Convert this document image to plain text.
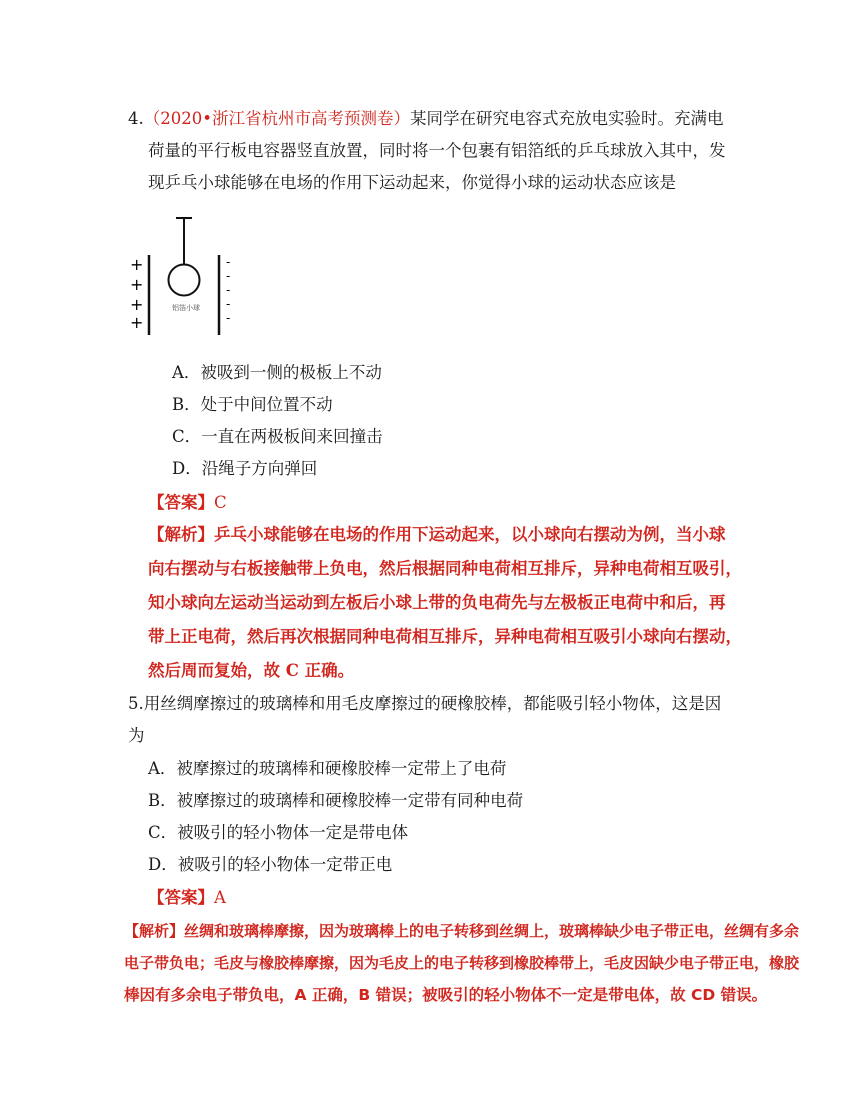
4.（2020•浙江省杭州市高考预测卷）某同学在研究电容式充放电实验时。充满电
荷量的平行板电容器竖直放置，同时将一个包裹有铝箔纸的乒乓球放入其中，发
现乒乓小球能够在电场的作用下运动起来，你觉得小球的运动状态应该是
+
+
+
+
铝箔小球
-
-
-
-
-
A．被吸到一侧的极板上不动
B．处于中间位置不动
C．一直在两极板间来回撞击
D．沿绳子方向弹回
【答案】C
【解析】乒乓小球能够在电场的作用下运动起来，以小球向右摆动为例，当小球
向右摆动与右板接触带上负电，然后根据同种电荷相互排斥，异种电荷相互吸引，
知小球向左运动当运动到左板后小球上带的负电荷先与左极板正电荷中和后，再
带上正电荷，然后再次根据同种电荷相互排斥，异种电荷相互吸引小球向右摆动，
然后周而复始，故 C 正确。
5.用丝绸摩擦过的玻璃棒和用毛皮摩擦过的硬橡胶棒，都能吸引轻小物体，这是因
为
A．被摩擦过的玻璃棒和硬橡胶棒一定带上了电荷
B．被摩擦过的玻璃棒和硬橡胶棒一定带有同种电荷
C．被吸引的轻小物体一定是带电体
D．被吸引的轻小物体一定带正电
【答案】A
【解析】丝绸和玻璃棒摩擦，因为玻璃棒上的电子转移到丝绸上，玻璃棒缺少电子带正电，丝绸有多余
电子带负电；毛皮与橡胶棒摩擦，因为毛皮上的电子转移到橡胶棒带上，毛皮因缺少电子带正电，橡胶
棒因有多余电子带负电，A 正确，B 错误；被吸引的轻小物体不一定是带电体，故 CD 错误。
